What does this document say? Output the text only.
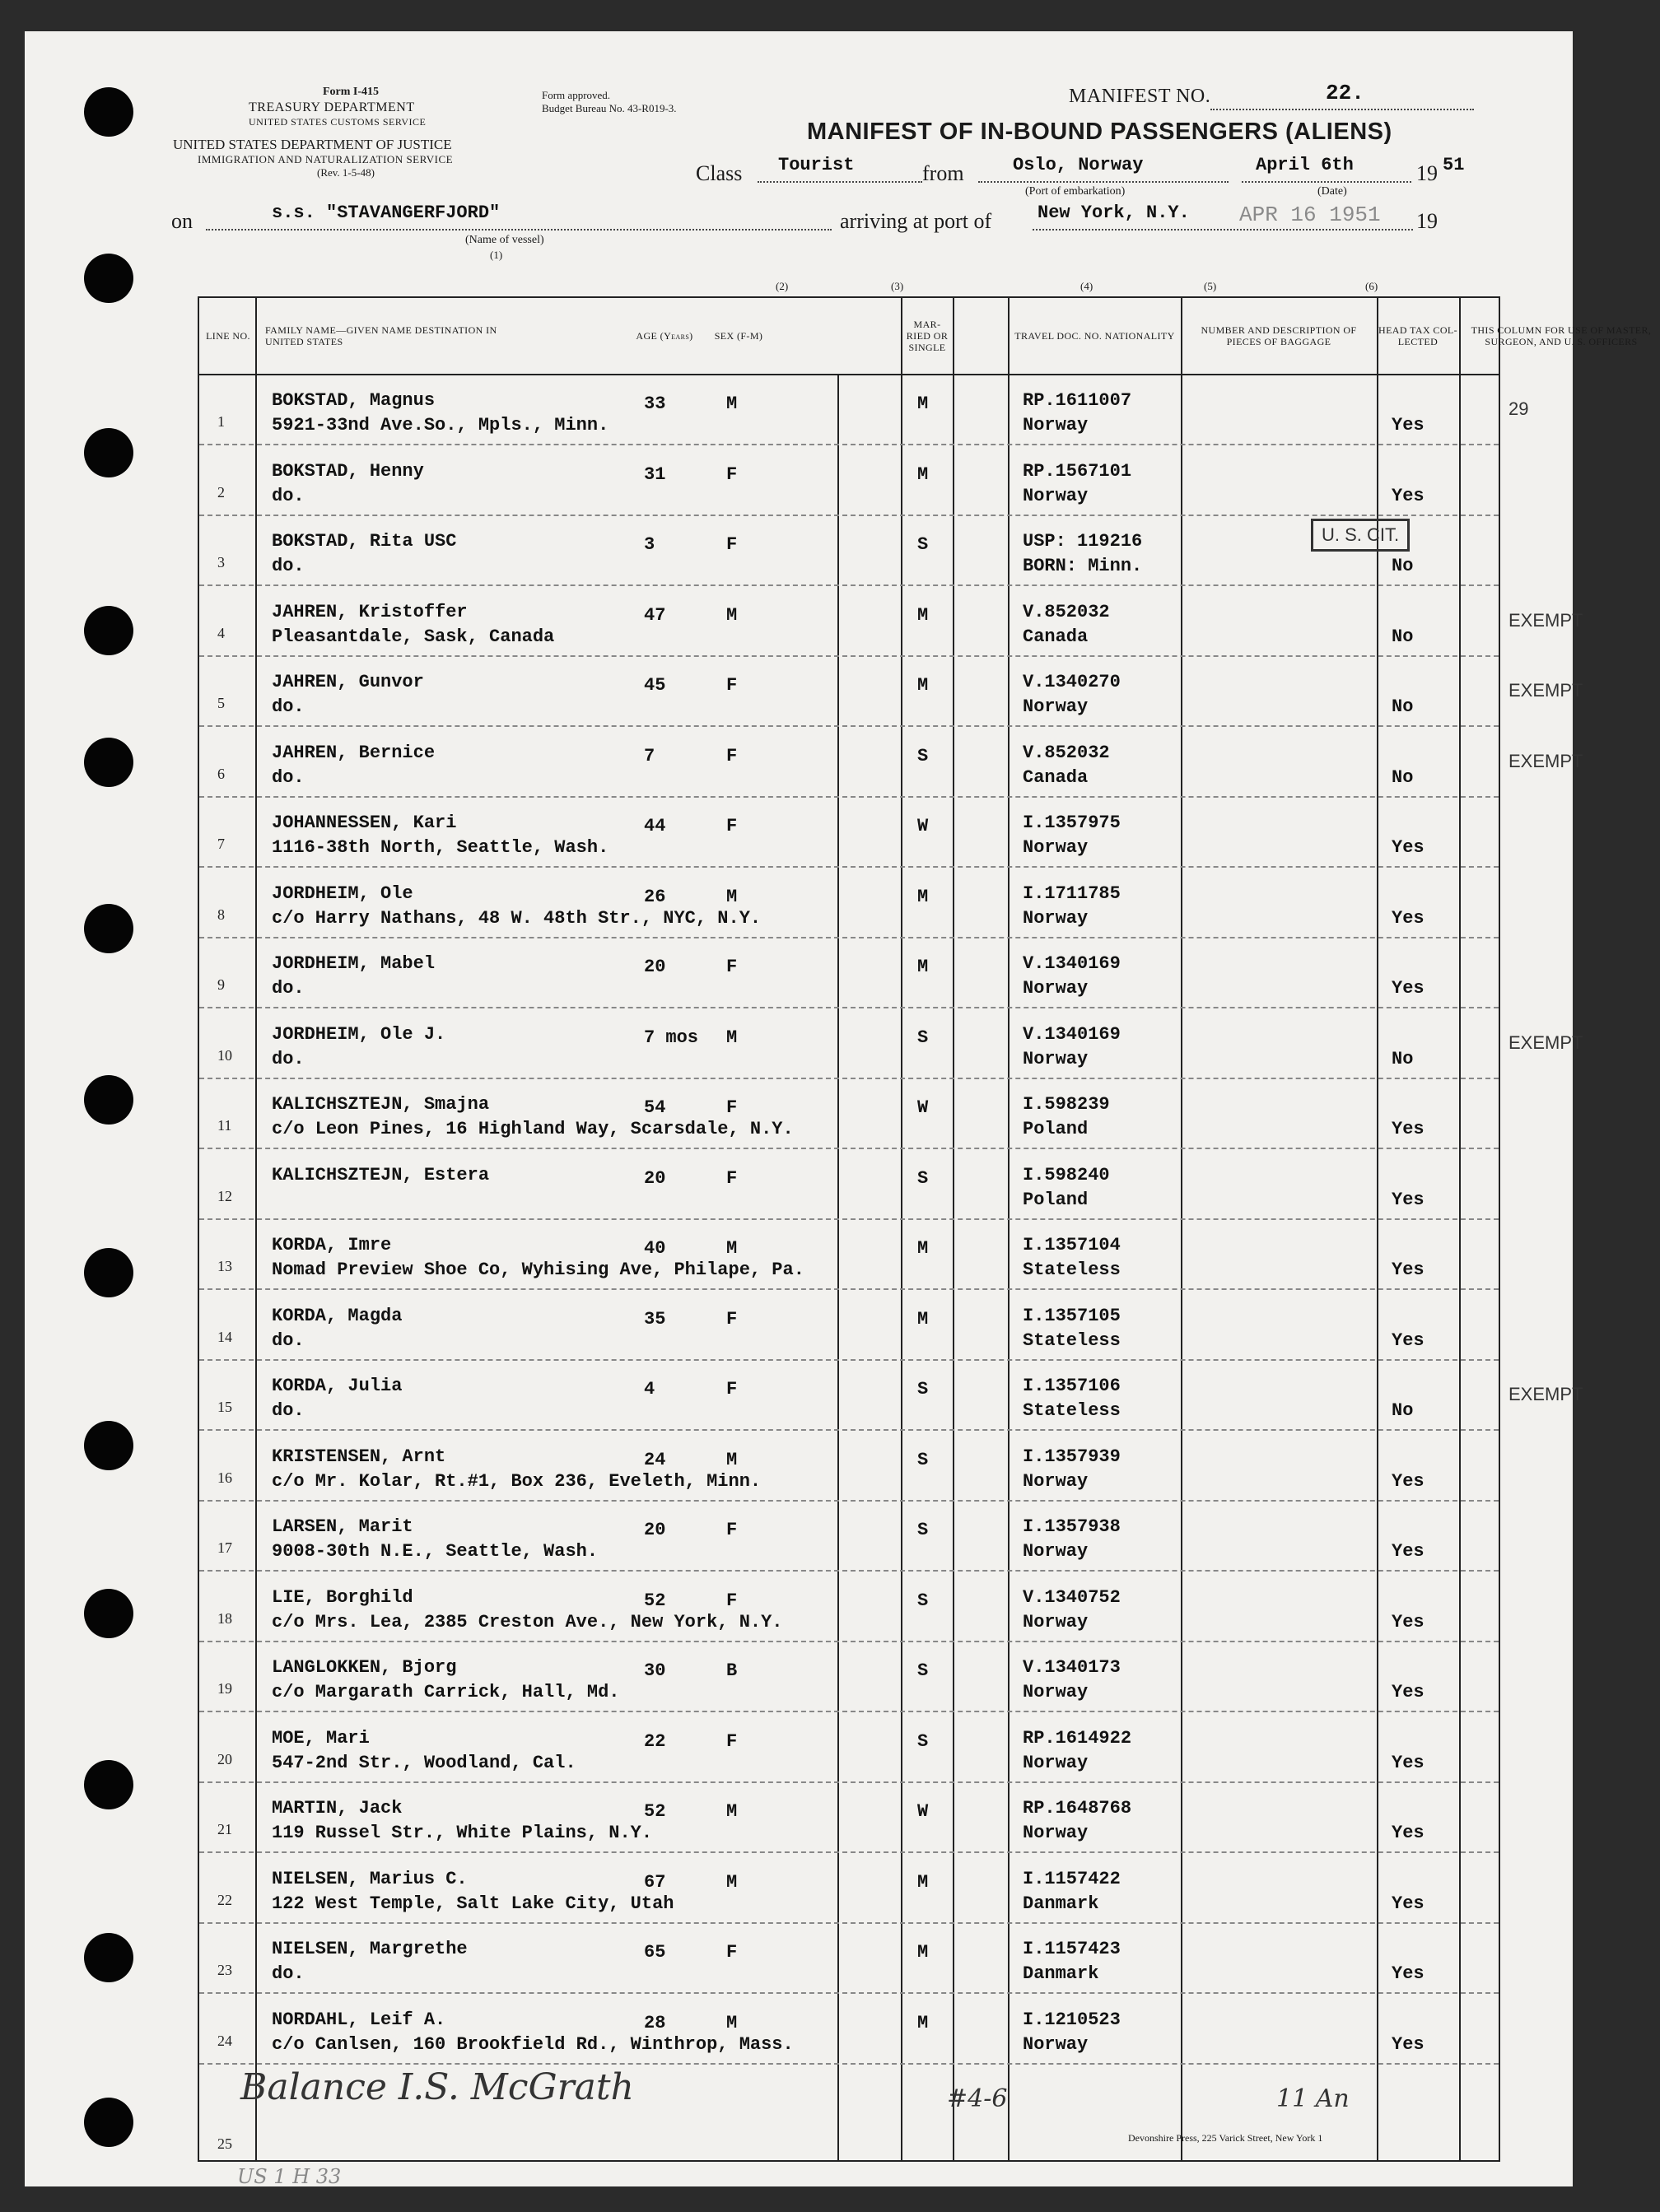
Form I-415
TREASURY DEPARTMENT
UNITED STATES CUSTOMS SERVICE
UNITED STATES DEPARTMENT OF JUSTICE
IMMIGRATION AND NATURALIZATION SERVICE
(Rev. 1-5-48)
Form approved.
Budget Bureau No. 43-R019-3.
MANIFEST NO.	22.
MANIFEST OF IN-BOUND PASSENGERS (ALIENS)
Class Tourist	from	Oslo, Norway
(Port of embarkation)
April 6th
(Date)
19 51
on	s.s. "STAVANGERFJORD"
(Name of vessel)
(1)
arriving at port of	New York, N.Y. APR 16 1951 19
(2)	(3)	(4)	(5)	(6)
LINE NO. FAMILY NAME—GIVEN NAME DESTINATION IN UNITED STATES	AGE (Years)	SEX (F-M)
MAR-RIED OR SINGLE
TRAVEL DOC. NO. NATIONALITY	NUMBER AND DESCRIPTION OF PIECES OF BAGGAGE
HEAD TAX COL-LECTED
THIS COLUMN FOR USE OF MASTER, SURGEON, AND U. S. OFFICERS
1
BOKSTAD, Magnus
5921-33nd Ave.So., Mpls., Minn.
33	M	M	RP.1611007
Norway	Yes
29
2
BOKSTAD, Henny
do.
31	F	M	RP.1567101
Norway	Yes
3
BOKSTAD, Rita USC
do.
3	F	S	USP: 119216
BORN: Minn.	No
4
JAHREN, Kristoffer
Pleasantdale, Sask, Canada
47	M	M	V.852032
Canada	No
EXEMPT
5
JAHREN, Gunvor
do.
45	F	M	V.1340270
Norway	No
EXEMPT
6
JAHREN, Bernice
do.
7	F	S	V.852032
Canada	No
EXEMPT
7
JOHANNESSEN, Kari
1116-38th North, Seattle, Wash.
44	F	W	I.1357975
Norway	Yes
8
JORDHEIM, Ole
c/o Harry Nathans, 48 W. 48th Str., NYC, N.Y.
26	M	M	I.1711785
Norway	Yes
9
JORDHEIM, Mabel
do.
20	F	M	V.1340169
Norway	Yes
10
JORDHEIM, Ole J.
do.
7 mos M	S	V.1340169
Norway	No
EXEMPT
11
KALICHSZTEJN, Smajna
c/o Leon Pines, 16 Highland Way, Scarsdale, N.Y.
54	F	W	I.598239
Poland	Yes
12
KALICHSZTEJN, Estera	20	F	S	I.598240
Poland	Yes
13
KORDA, Imre
Nomad Preview Shoe Co, Wyhising Ave, Philape, Pa.
40	M	M	I.1357104
Stateless	Yes
14
KORDA, Magda
do.
35	F	M	I.1357105
Stateless	Yes
15
KORDA, Julia
do.
4	F	S	I.1357106
Stateless	No
EXEMPT
16
KRISTENSEN, Arnt
c/o Mr. Kolar, Rt.#1, Box 236, Eveleth, Minn.
24	M	S	I.1357939
Norway	Yes
17
LARSEN, Marit
9008-30th N.E., Seattle, Wash.
20	F	S	I.1357938
Norway	Yes
18
LIE, Borghild
c/o Mrs. Lea, 2385 Creston Ave., New York, N.Y.
52	F	S	V.1340752
Norway	Yes
19
LANGLOKKEN, Bjorg
c/o Margarath Carrick, Hall, Md.
30	B	S	V.1340173
Norway	Yes
20
MOE, Mari
547-2nd Str., Woodland, Cal.
22	F	S	RP.1614922
Norway	Yes
21
MARTIN, Jack
119 Russel Str., White Plains, N.Y.
52	M	W	RP.1648768
Norway	Yes
22
NIELSEN, Marius C.
122 West Temple, Salt Lake City, Utah
67	M	M	I.1157422
Danmark	Yes
23
NIELSEN, Margrethe
do.
65	F	M	I.1157423
Danmark	Yes
24
NORDAHL, Leif A.
c/o Canlsen, 160 Brookfield Rd., Winthrop, Mass.
28	M	M	I.1210523
Norway	Yes
25
U. S. CIT.
Balance I.S. McGrath	#4-6	11 An
US 1 H 33
Devonshire Press, 225 Varick Street, New York 1
